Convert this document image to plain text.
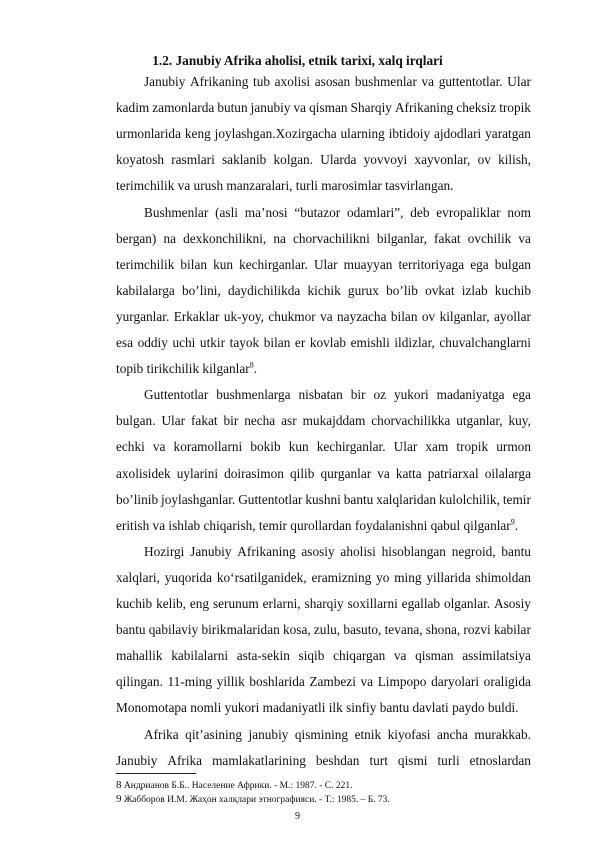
1.2. Janubiy Afrika aholisi, etnik tarixi, xalq irqlari
Janubiy Afrikaning tub axolisi asosan bushmenlar va guttentotlar. Ular
kadim zamonlarda butun janubiy va qisman Sharqiy Afrikaning cheksiz tropik
urmonlarida keng joylashgan.Xozirgacha ularning ibtidoiy ajdodlari yaratgan
koyatosh rasmlari saklanib kolgan. Ularda yovvoyi xayvonlar, ov kilish,
terimchilik va urush manzaralari, turli marosimlar tasvirlangan.
Bushmenlar (asli ma’nosi “butazor odamlari”, deb evropaliklar nom
bergan) na dexkonchilikni, na chorvachilikni bilganlar, fakat ovchilik va
terimchilik bilan kun kechirganlar. Ular muayyan territoriyaga ega bulgan
kabilalarga bo’lini, daydichilikda kichik gurux bo’lib ovkat izlab kuchib
yurganlar. Erkaklar uk-yoy, chukmor va nayzacha bilan ov kilganlar, ayollar
esa oddiy uchi utkir tayok bilan er kovlab emishli ildizlar, chuvalchanglarni
topib tirikchilik kilganlar$^8$.
Guttentotlar bushmenlarga nisbatan bir oz yukori madaniyatga ega
bulgan. Ular fakat bir necha asr mukajddam chorvachilikka utganlar, kuy,
echki va koramollarni bokib kun kechirganlar. Ular xam tropik urmon
axolisidek uylarini doirasimon qilib qurganlar va katta patriarxal oilalarga
bo’linib joylashganlar. Guttentotlar kushni bantu xalqlaridan kulolchilik, temir
eritish va ishlab chiqarish, temir qurollardan foydalanishni qabul qilganlar$^9$.
Hozirgi Janubiy Afrikaning asosiy aholisi hisoblangan negroid, bantu
xalqlari, yuqorida ko‘rsatilganidek, eramizning yo ming yillarida shimoldan
kuchib kelib, eng serunum erlarni, sharqiy soxillarni egallab olganlar. Asosiy
bantu qabilaviy birikmalaridan kosa, zulu, basuto, tevana, shona, rozvi kabilar
mahallik kabilalarni asta-sekin siqib chiqargan va qisman assimilatsiya
qilingan. 11-ming yillik boshlarida Zambezi va Limpopo daryolari oraligida
Monomotapa nomli yukori madaniyatli ilk sinfiy bantu davlati paydo buldi.
Afrika qit’asining janubiy qismining etnik kiyofasi ancha murakkab.
Janubiy Afrika mamlakatlarining beshdan turt qismi turli etnoslardan
8 Андрианов Б.Б.. Население Африки. - М.: 1987. - С. 221.
9 Жабборов И.М. Жаҳон халқлари этнографияси. - Т.: 1985. – Б. 73.
9
